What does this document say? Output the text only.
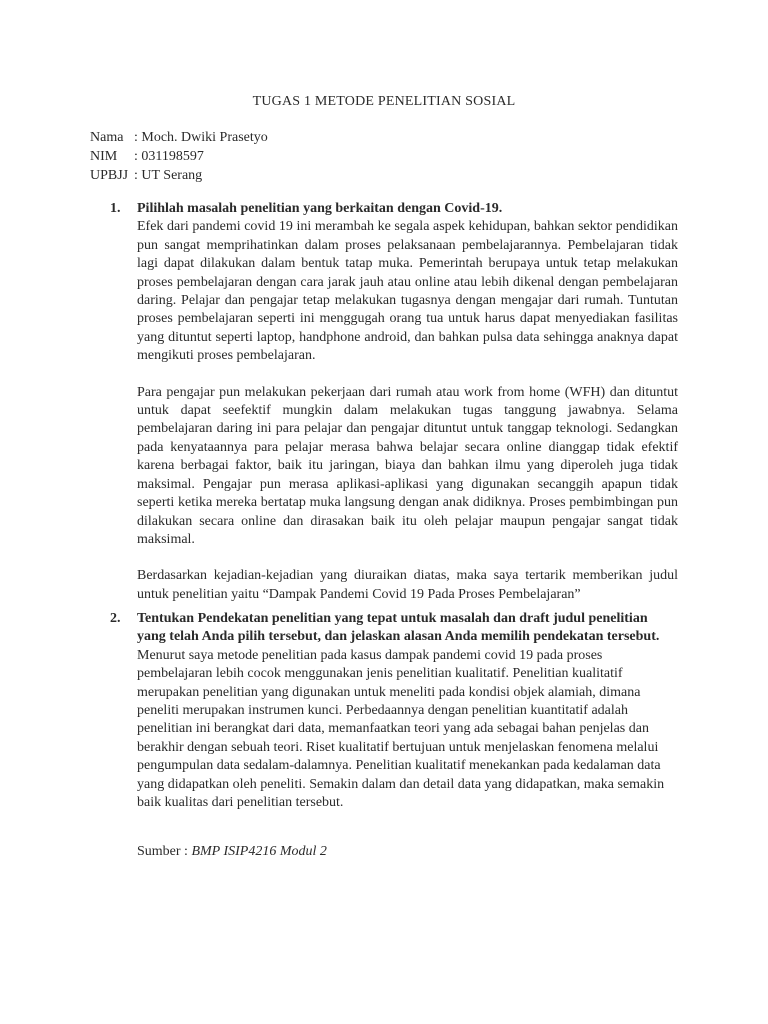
TUGAS 1 METODE PENELITIAN SOSIAL
Nama : Moch. Dwiki Prasetyo
NIM	: 031198597
UPBJJ : UT Serang
1. Pilihlah masalah penelitian yang berkaitan dengan Covid-19.

Efek dari pandemi covid 19 ini merambah ke segala aspek kehidupan, bahkan sektor pendidikan pun sangat memprihatinkan dalam proses pelaksanaan pembelajarannya. Pembelajaran tidak lagi dapat dilakukan dalam bentuk tatap muka. Pemerintah berupaya untuk tetap melakukan proses pembelajaran dengan cara jarak jauh atau online atau lebih dikenal dengan pembelajaran daring. Pelajar dan pengajar tetap melakukan tugasnya dengan mengajar dari rumah. Tuntutan proses pembelajaran seperti ini menggugah orang tua untuk harus dapat menyediakan fasilitas yang dituntut seperti laptop, handphone android, dan bahkan pulsa data sehingga anaknya dapat mengikuti proses pembelajaran.

Para pengajar pun melakukan pekerjaan dari rumah atau work from home (WFH) dan dituntut untuk dapat seefektif mungkin dalam melakukan tugas tanggung jawabnya. Selama pembelajaran daring ini para pelajar dan pengajar dituntut untuk tanggap teknologi. Sedangkan pada kenyataannya para pelajar merasa bahwa belajar secara online dianggap tidak efektif karena berbagai faktor, baik itu jaringan, biaya dan bahkan ilmu yang diperoleh juga tidak maksimal. Pengajar pun merasa aplikasi-aplikasi yang digunakan secanggih apapun tidak seperti ketika mereka bertatap muka langsung dengan anak didiknya. Proses pembimbingan pun dilakukan secara online dan dirasakan baik itu oleh pelajar maupun pengajar sangat tidak maksimal.

Berdasarkan kejadian-kejadian yang diuraikan diatas, maka saya tertarik memberikan judul untuk penelitian yaitu “Dampak Pandemi Covid 19 Pada Proses Pembelajaran”

2. Tentukan Pendekatan penelitian yang tepat untuk masalah dan draft judul penelitian yang telah Anda pilih tersebut, dan jelaskan alasan Anda memilih pendekatan tersebut.

Menurut saya metode penelitian pada kasus dampak pandemi covid 19 pada proses pembelajaran lebih cocok menggunakan jenis penelitian kualitatif. Penelitian kualitatif merupakan penelitian yang digunakan untuk meneliti pada kondisi objek alamiah, dimana peneliti merupakan instrumen kunci. Perbedaannya dengan penelitian kuantitatif adalah penelitian ini berangkat dari data, memanfaatkan teori yang ada sebagai bahan penjelas dan berakhir dengan sebuah teori. Riset kualitatif bertujuan untuk menjelaskan fenomena melalui pengumpulan data sedalam-dalamnya. Penelitian kualitatif menekankan pada kedalaman data yang didapatkan oleh peneliti. Semakin dalam dan detail data yang didapatkan, maka semakin baik kualitas dari penelitian tersebut.

Sumber : BMP ISIP4216 Modul 2
